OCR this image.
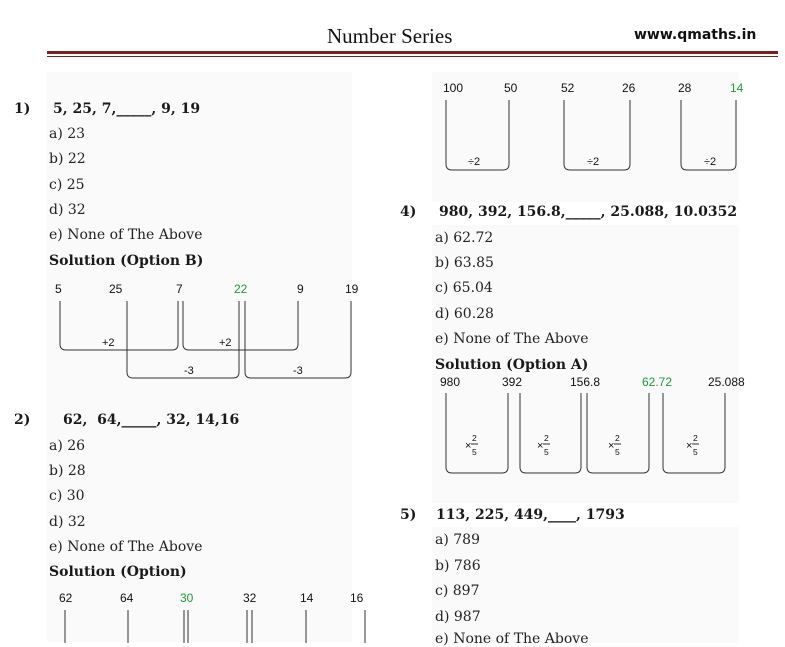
Number Series	www.qmaths.in
1) 5, 25, 7,_____, 9, 19
a) 23
b) 22
c) 25
d) 32
e) None of The Above
Solution (Option B)
5	25	7	22	9	19
+2	+2
-3	-3
2) 62,  64,_____, 32, 14,16
a) 26
b) 28
c) 30
d) 32
e) None of The Above
Solution (Option)
62	64	30	32	14	16
100	50	52	26	28	14
÷2	÷2	÷2
4) 980, 392, 156.8,_____, 25.088, 10.0352
a) 62.72
b) 63.85
c) 65.04
d) 60.28
e) None of The Above
Solution (Option A)
980	392	156.8	62.72	25.088
×
2
5	×
2
5	×
2
5	×
2
5
5) 113, 225, 449,____, 1793
a) 789
b) 786
c) 897
d) 987
e) None of The Above
